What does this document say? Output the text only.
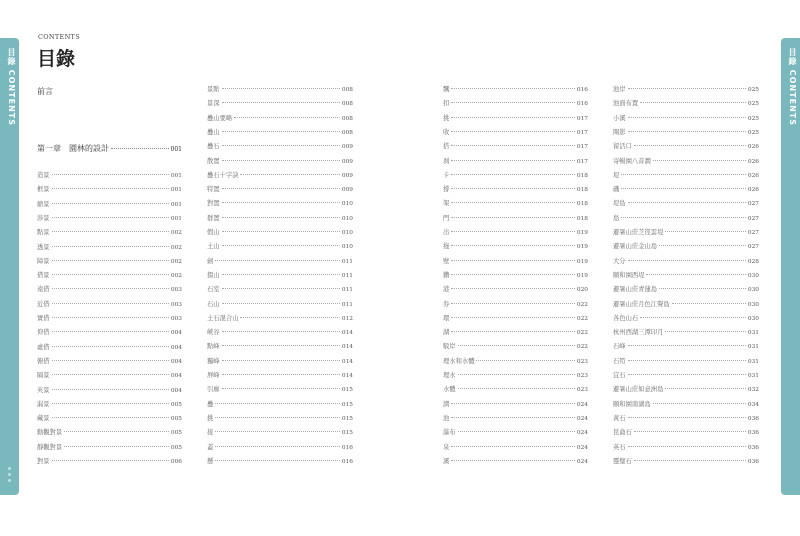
目錄 CONTENTS	目錄 CONTENTS
CONTENTS
目錄
前言
第一章　園林的設計	001
造景	001
框景	001
縮景	001
涉景	001
點景	002
透景	002
障景	002
借景	002
遠借	003
近借	003
實借	003
仰借	004
虛借	004
俯借	004
隔景	004
夾景	004
漏景	005
藏景	005
動觀對景	005
靜觀對景	005
對景	006
景點	008
景深	008
疊山要略	008
疊山	008
疊石	009
散置	009
疊石十字訣	009
特置	009
對置	010
群置	010
假山	010
土山	010
劍	011
掇山	011
石室	011
石山	011
土石混合山	012
峽谷	014
點峰	014
獨峰	014
屏峰	014
引廊	015
疊	015
挑	015
接	015
蓋	016
懸	016
飄	016
扣	016
挑	017
收	017
搭	017
刹	017
卡	018
撐	018
架	018
門	018
出	019
拖	019
壁	019
鑽	019
港	020
券	022
環	022
湖	022
駁岸	022
理水和水體	023
理水	023
水體	023
潤	024
池	024
瀑布	024
泉	024
溪	024
池岸	025
池面布置	025
小溪	025
閘影	025
留活口	026
寄暢園八音澗	026
堤	026
磯	026
堤島	027
島	027
避暑山莊芝徑雲堤	027
避暑山莊金山島	027
大分	028
頤和園西堤	030
避暑山莊青蓮島	030
避暑山莊月色江聲島	030
各色山石	030
杭州西湖三潭印月	031
石峰	031
石筍	031
宜石	031
避暑山莊如意洲島	032
頤和園南湖島	034
黃石	036
昆侖石	036
英石	036
靈璧石	036
